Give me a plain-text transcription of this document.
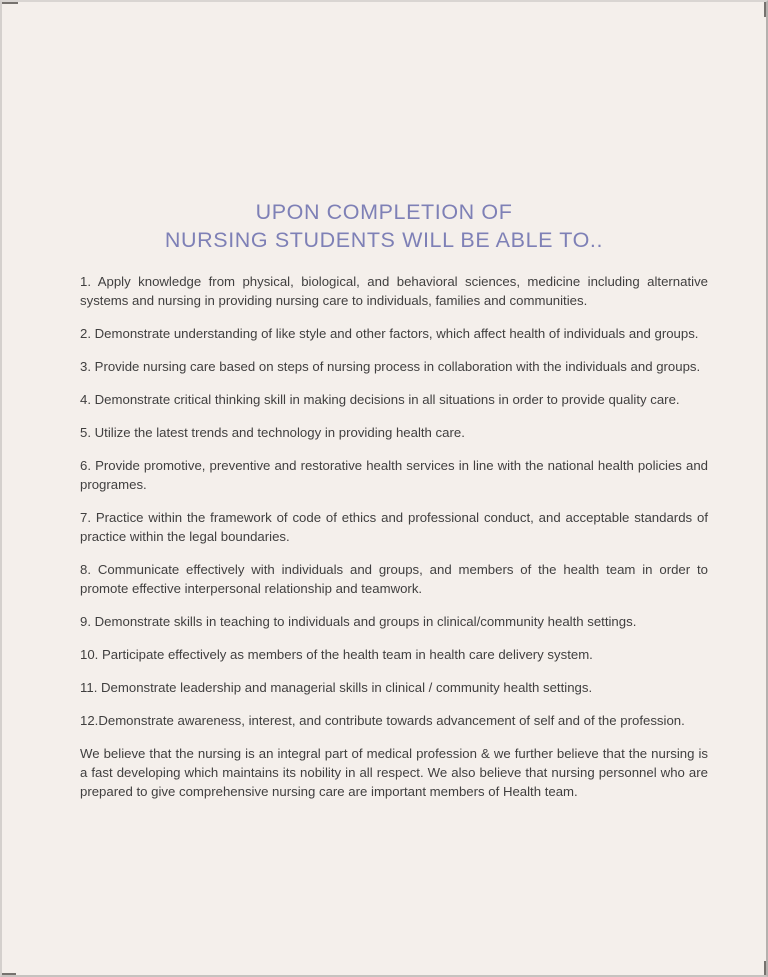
UPON COMPLETION OF
NURSING STUDENTS WILL BE ABLE TO..

1. Apply knowledge from physical, biological, and behavioral sciences, medicine including alternative systems and nursing in providing nursing care to individuals, families and communities.

2. Demonstrate understanding of like style and other factors, which affect health of individuals and groups.

3. Provide nursing care based on steps of nursing process in collaboration with the individuals and groups.

4. Demonstrate critical thinking skill in making decisions in all situations in order to provide quality care.

5. Utilize the latest trends and technology in providing health care.

6. Provide promotive, preventive and restorative health services in line with the national health policies and programes.

7. Practice within the framework of code of ethics and professional conduct, and acceptable standards of practice within the legal boundaries.

8. Communicate effectively with individuals and groups, and members of the health team in order to promote effective interpersonal relationship and teamwork.

9. Demonstrate skills in teaching to individuals and groups in clinical/community health settings.

10. Participate effectively as members of the health team in health care delivery system.

11. Demonstrate leadership and managerial skills in clinical / community health settings.

12.Demonstrate awareness, interest, and contribute towards advancement of self and of the profession.

We believe that the nursing is an integral part of medical profession & we further believe that the nursing is a fast developing which maintains its nobility in all respect. We also believe that nursing personnel who are prepared to give comprehensive nursing care are important members of Health team.
